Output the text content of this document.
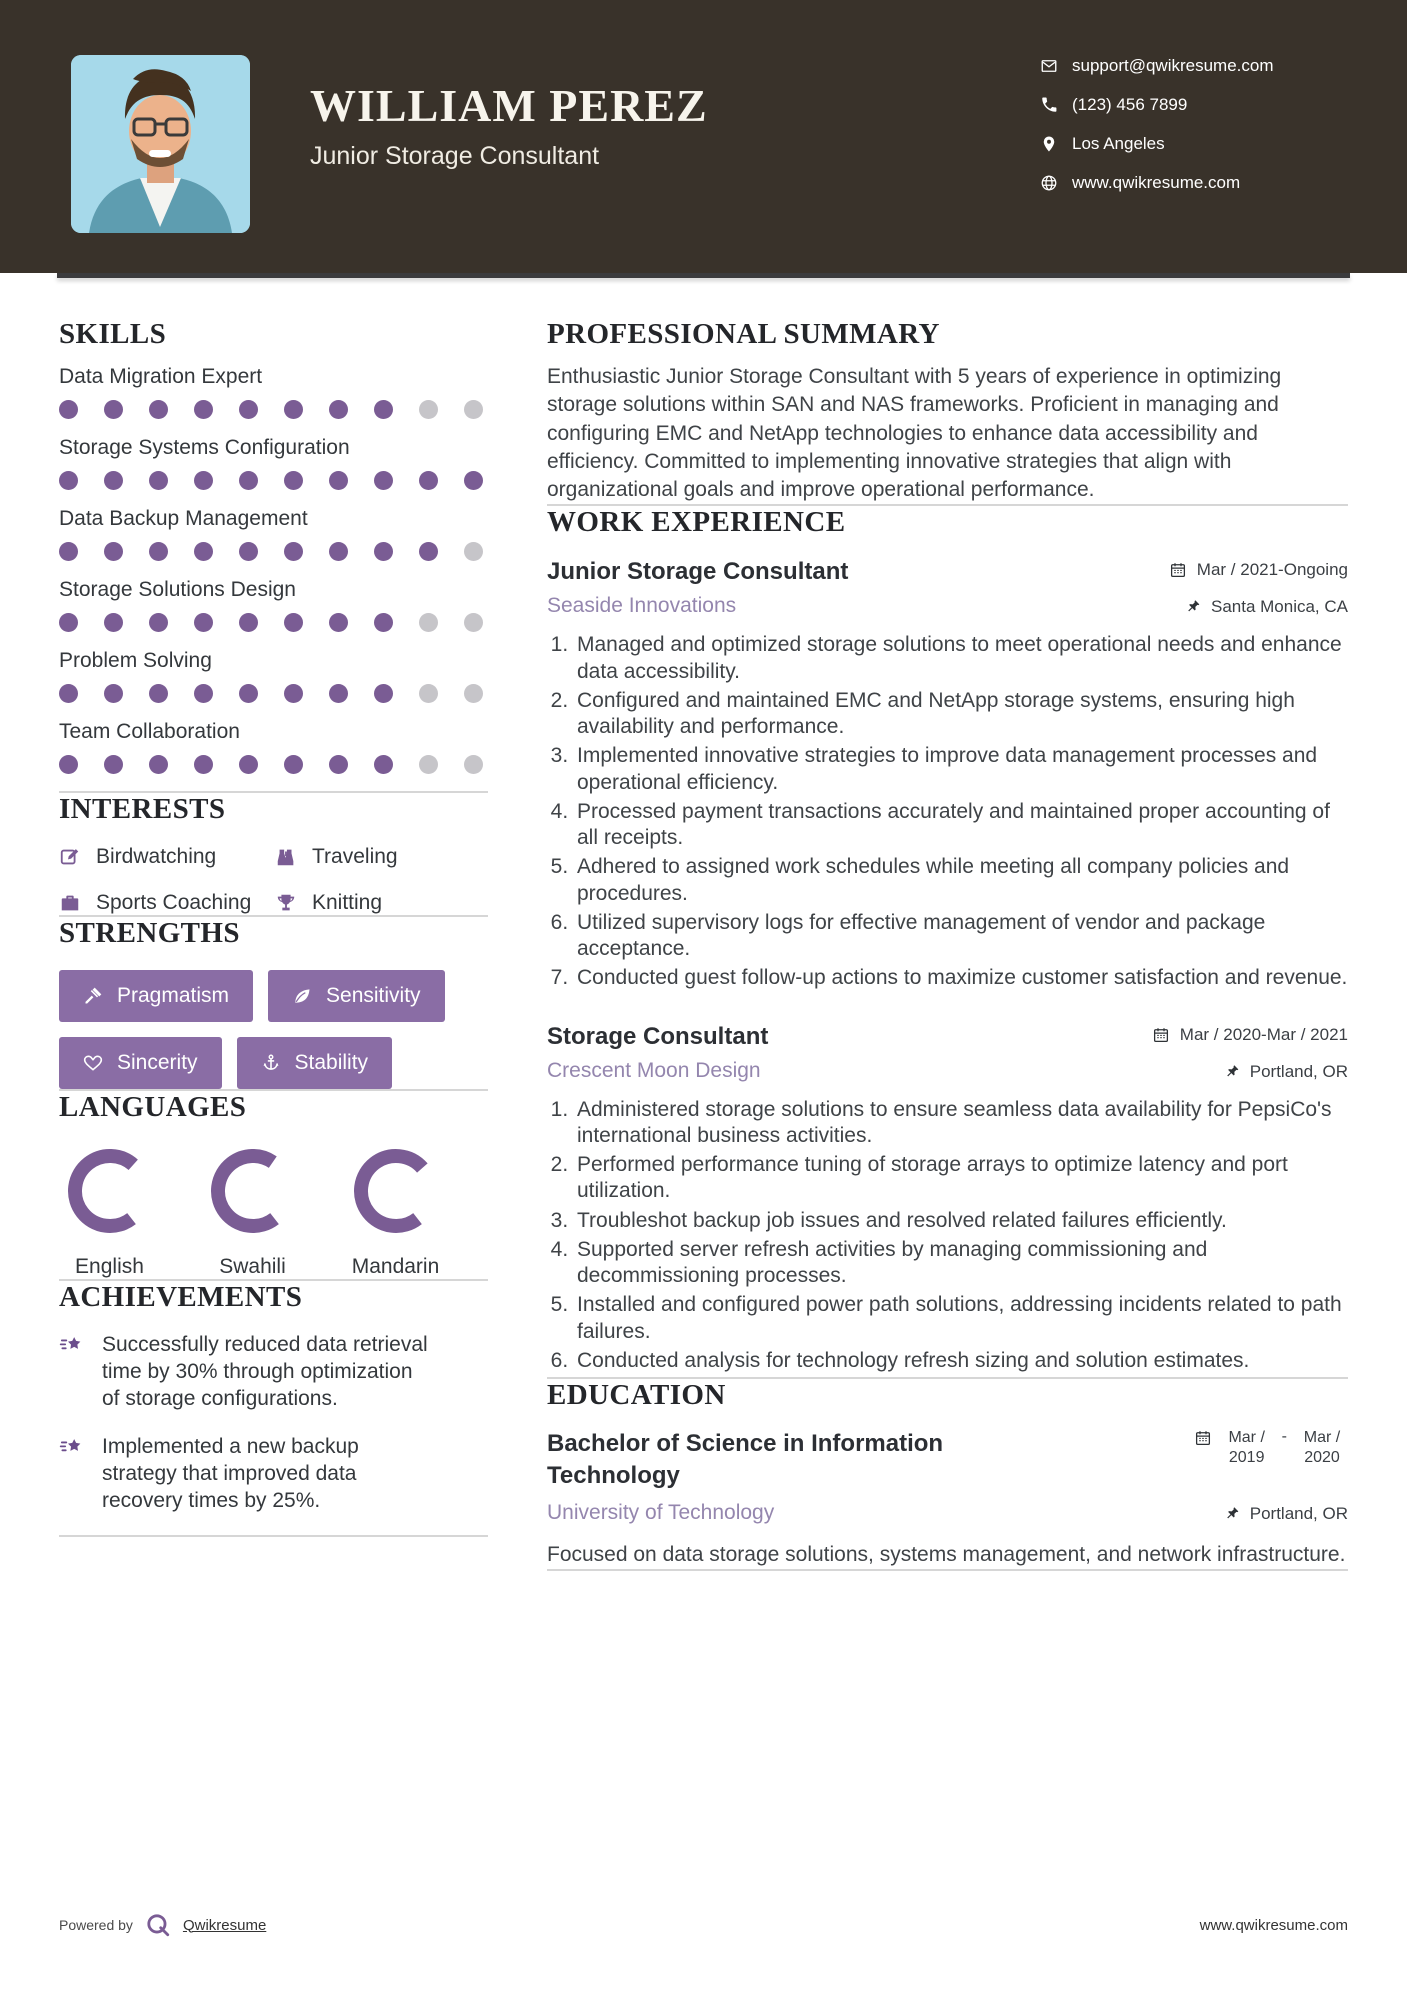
WILLIAM PEREZ
Junior Storage Consultant
support@qwikresume.com
(123) 456 7899
Los Angeles
www.qwikresume.com
SKILLS
Data Migration Expert
Storage Systems Configuration
Data Backup Management
Storage Solutions Design
Problem Solving
Team Collaboration
INTERESTS
Birdwatching	Traveling
Sports Coaching	Knitting
STRENGTHS
Pragmatism	Sensitivity
Sincerity	Stability
LANGUAGES
English	Swahili	Mandarin
ACHIEVEMENTS
Successfully reduced data retrieval time by 30% through optimization of storage configurations.
Implemented a new backup strategy that improved data recovery times by 25%.
PROFESSIONAL SUMMARY

Enthusiastic Junior Storage Consultant with 5 years of experience in optimizing storage solutions within SAN and NAS frameworks. Proficient in managing and configuring EMC and NetApp technologies to enhance data accessibility and efficiency. Committed to implementing innovative strategies that align with organizational goals and improve operational performance.

WORK EXPERIENCE
Junior Storage Consultant	Mar / 2021-Ongoing
Seaside Innovations	Santa Monica, CA
1. Managed and optimized storage solutions to meet operational needs and enhance data accessibility.
2. Configured and maintained EMC and NetApp storage systems, ensuring high availability and performance.
3. Implemented innovative strategies to improve data management processes and operational efficiency.
4. Processed payment transactions accurately and maintained proper accounting of all receipts.
5. Adhered to assigned work schedules while meeting all company policies and procedures.
6. Utilized supervisory logs for effective management of vendor and package acceptance.
7. Conducted guest follow-up actions to maximize customer satisfaction and revenue.
Storage Consultant	Mar / 2020-Mar / 2021
Crescent Moon Design	Portland, OR
1. Administered storage solutions to ensure seamless data availability for PepsiCo's international business activities.
2. Performed performance tuning of storage arrays to optimize latency and port utilization.
3. Troubleshot backup job issues and resolved related failures efficiently.
4. Supported server refresh activities by managing commissioning and decommissioning processes.
5. Installed and configured power path solutions, addressing incidents related to path failures.
6. Conducted analysis for technology refresh sizing and solution estimates.
EDUCATION
Bachelor of Science in Information Technology
Mar / 2019
-	Mar / 2020
University of Technology	Portland, OR

Focused on data storage solutions, systems management, and network infrastructure.

Powered by	Qwikresume	www.qwikresume.com
